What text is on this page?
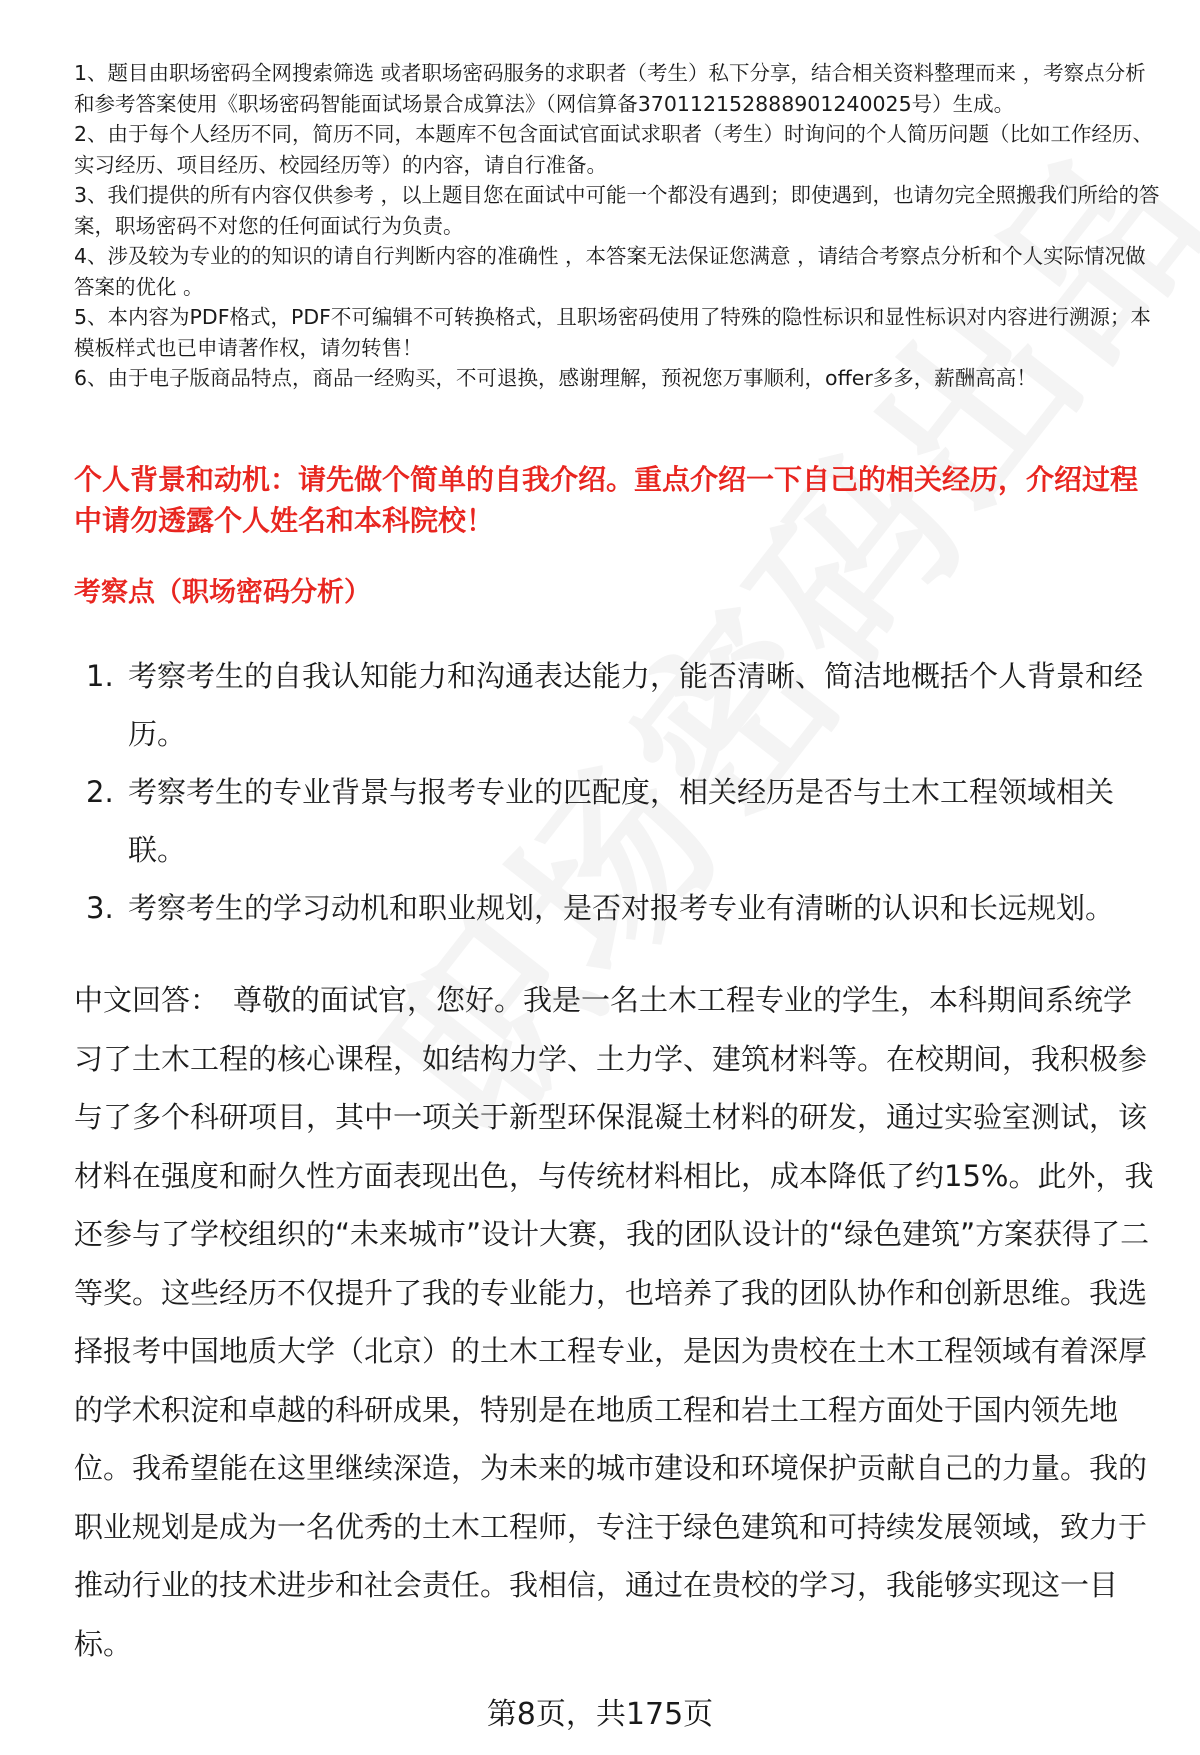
1、题目由职场密码全网搜索筛选 或者职场密码服务的求职者（考生）私下分享，结合相关资料整理而来 ，考察点分析和参考答案使用《职场密码智能面试场景合成算法》（网信算备370112152888901240025号）生成。
2、由于每个人经历不同，简历不同，本题库不包含面试官面试求职者（考生）时询问的个人简历问题（比如工作经历、实习经历、项目经历、校园经历等）的内容，请自行准备。
3、我们提供的所有内容仅供参考 ，以上题目您在面试中可能一个都没有遇到；即使遇到，也请勿完全照搬我们所给的答案，职场密码不对您的任何面试行为负责。
4、涉及较为专业的的知识的请自行判断内容的准确性 ，本答案无法保证您满意 ，请结合考察点分析和个人实际情况做答案的优化 。
5、本内容为PDF格式，PDF不可编辑不可转换格式，且职场密码使用了特殊的隐性标识和显性标识对内容进行溯源；本模板样式也已申请著作权，请勿转售！
6、由于电子版商品特点，商品一经购买，不可退换，感谢理解，预祝您万事顺利，offer多多，薪酬高高！
个人背景和动机：请先做个简单的自我介绍。重点介绍一下自己的相关经历，介绍过程中请勿透露个人姓名和本科院校！
考察点（职场密码分析）
1. 考察考生的自我认知能力和沟通表达能力，能否清晰、简洁地概括个人背景和经历。
2. 考察考生的专业背景与报考专业的匹配度，相关经历是否与土木工程领域相关联。
3. 考察考生的学习动机和职业规划，是否对报考专业有清晰的认识和长远规划。

中文回答： 尊敬的面试官，您好。我是一名土木工程专业的学生，本科期间系统学习了土木工程的核心课程，如结构力学、土力学、建筑材料等。在校期间，我积极参与了多个科研项目，其中一项关于新型环保混凝土材料的研发，通过实验室测试，该材料在强度和耐久性方面表现出色，与传统材料相比，成本降低了约15%。此外，我还参与了学校组织的“未来城市”设计大赛，我的团队设计的“绿色建筑”方案获得了二等奖。这些经历不仅提升了我的专业能力，也培养了我的团队协作和创新思维。我选择报考中国地质大学（北京）的土木工程专业，是因为贵校在土木工程领域有着深厚的学术积淀和卓越的科研成果，特别是在地质工程和岩土工程方面处于国内领先地位。我希望能在这里继续深造，为未来的城市建设和环境保护贡献自己的力量。我的职业规划是成为一名优秀的土木工程师，专注于绿色建筑和可持续发展领域，致力于推动行业的技术进步和社会责任。我相信，通过在贵校的学习，我能够实现这一目标。

第8页，共175页
